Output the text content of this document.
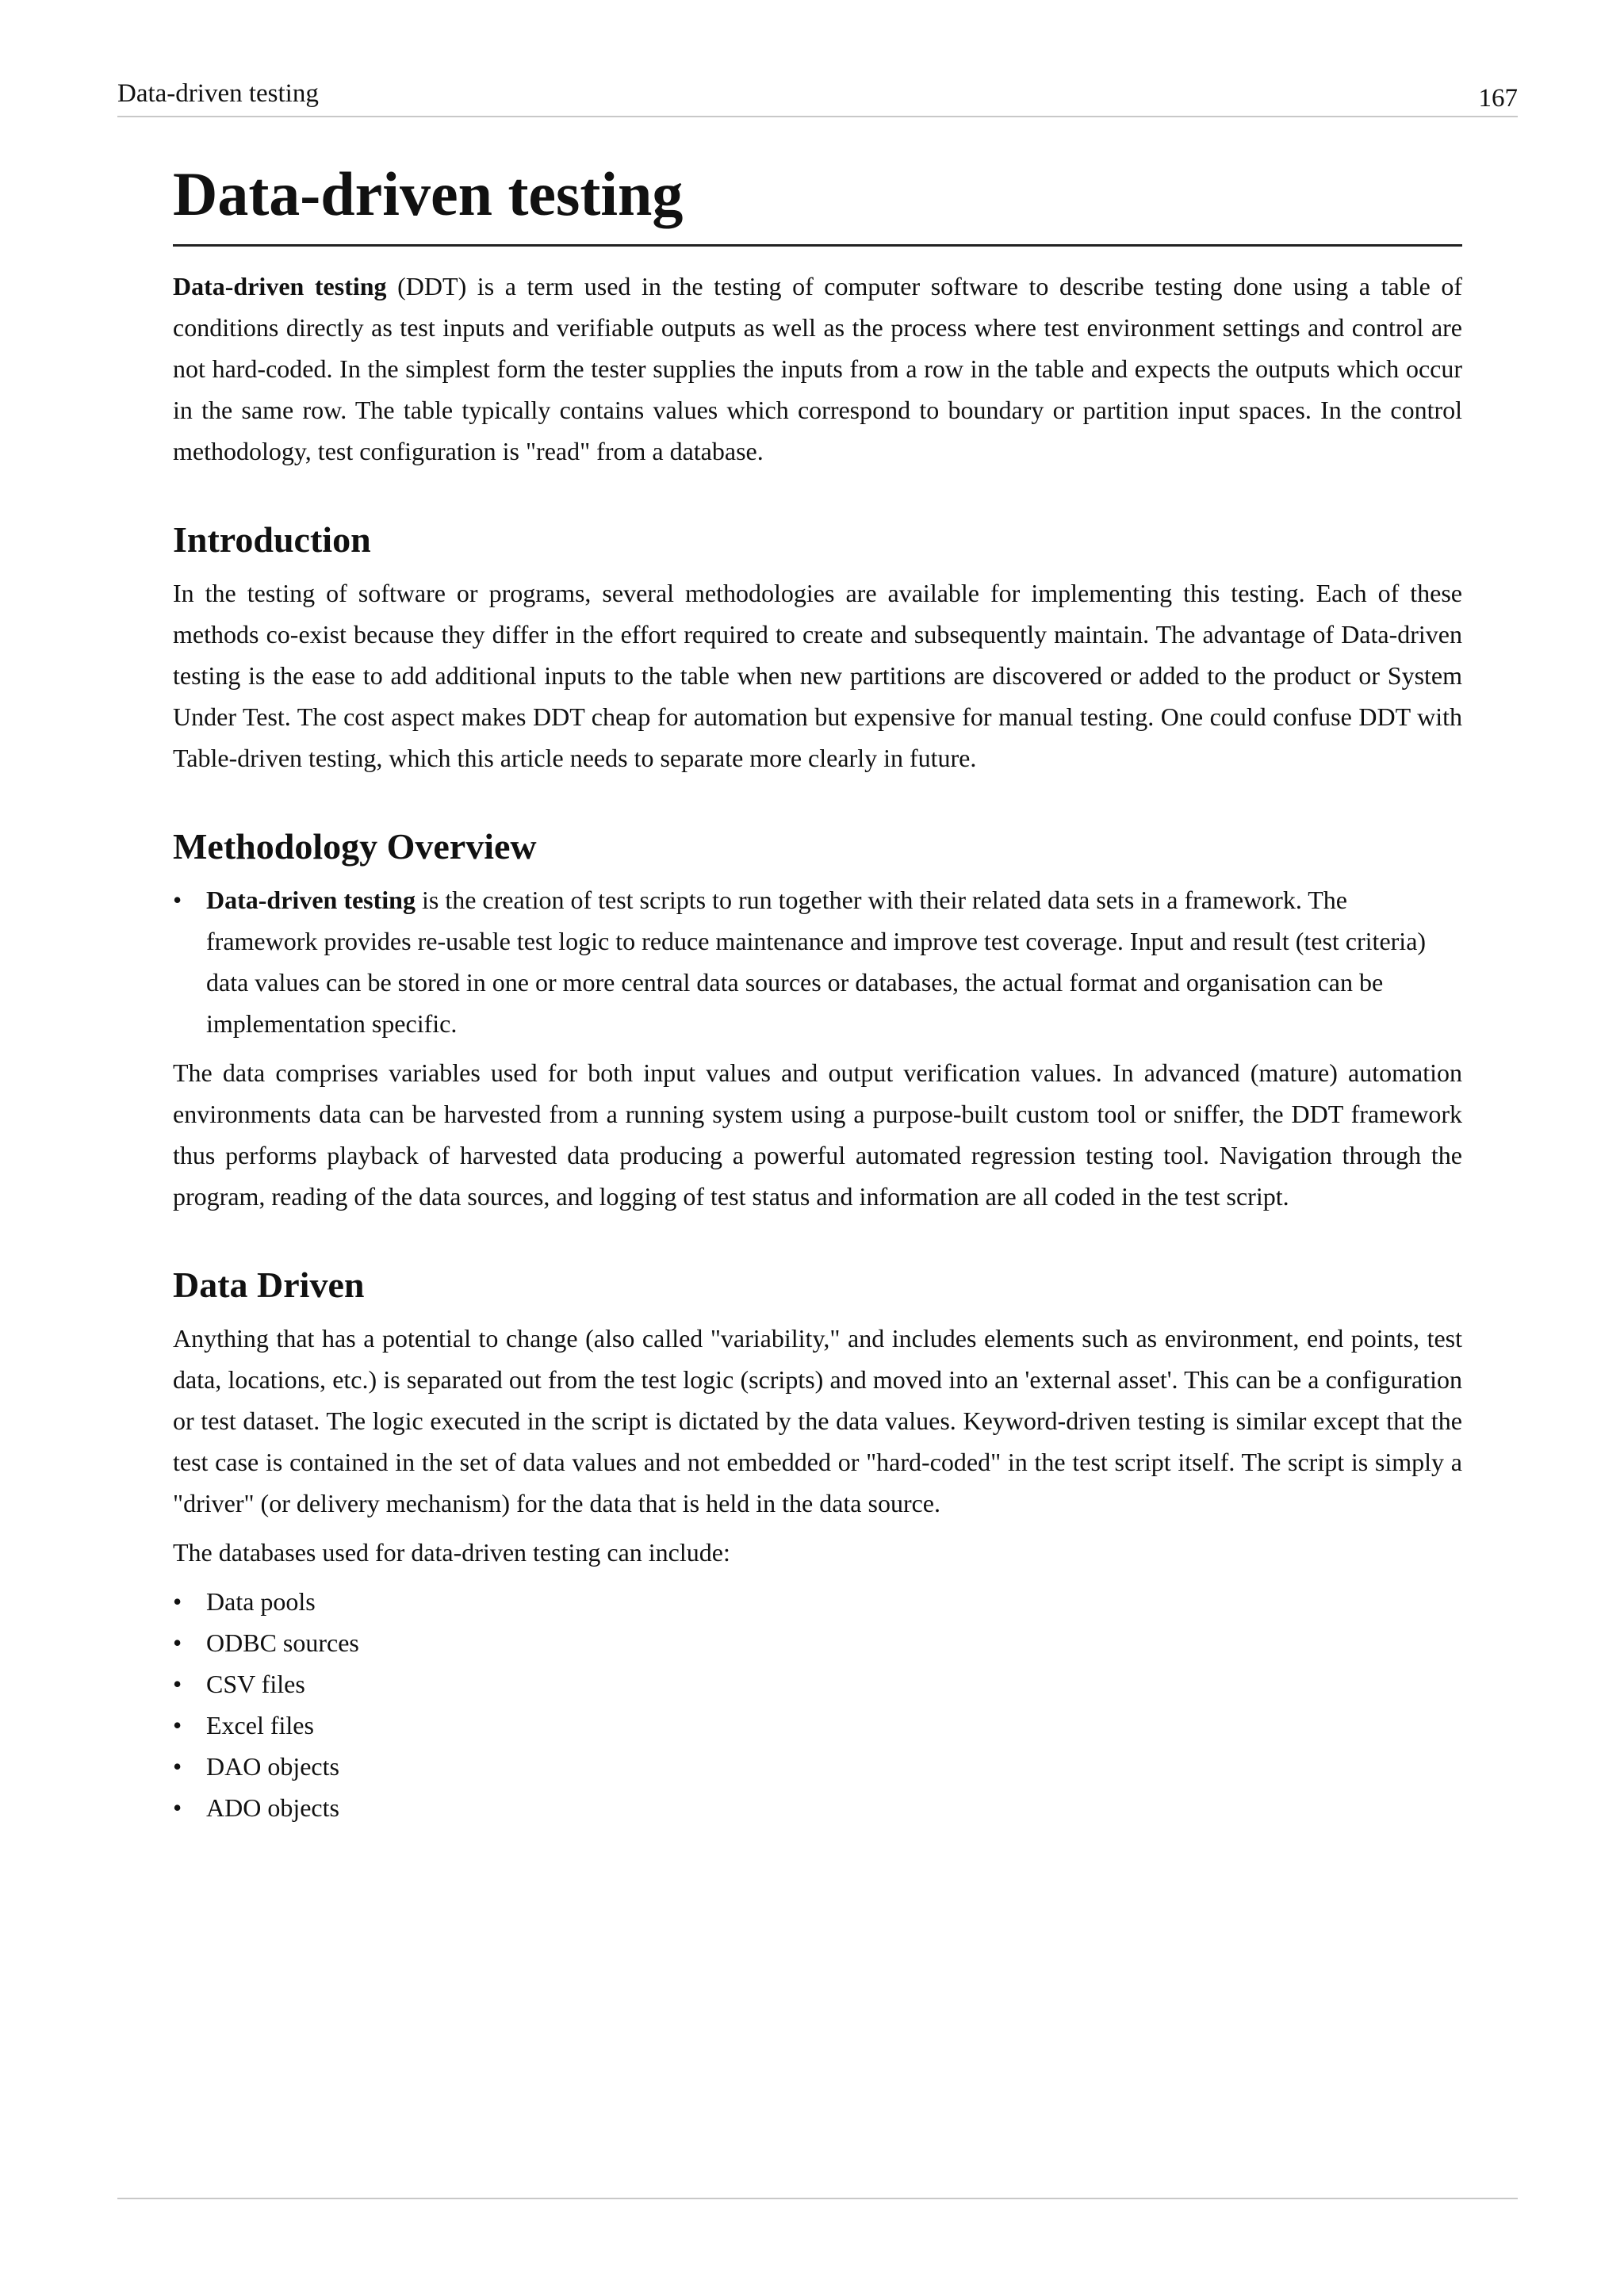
Data-driven testing	167
Data-driven testing

Data-driven testing (DDT) is a term used in the testing of computer software to describe testing done using a table of conditions directly as test inputs and verifiable outputs as well as the process where test environment settings and control are not hard-coded. In the simplest form the tester supplies the inputs from a row in the table and expects the outputs which occur in the same row. The table typically contains values which correspond to boundary or partition input spaces. In the control methodology, test configuration is "read" from a database.

Introduction

In the testing of software or programs, several methodologies are available for implementing this testing. Each of these methods co-exist because they differ in the effort required to create and subsequently maintain. The advantage of Data-driven testing is the ease to add additional inputs to the table when new partitions are discovered or added to the product or System Under Test. The cost aspect makes DDT cheap for automation but expensive for manual testing. One could confuse DDT with Table-driven testing, which this article needs to separate more clearly in future.

Methodology Overview
• Data-driven testing is the creation of test scripts to run together with their related data sets in a framework. The framework provides re-usable test logic to reduce maintenance and improve test coverage. Input and result (test criteria) data values can be stored in one or more central data sources or databases, the actual format and organisation can be implementation specific.

The data comprises variables used for both input values and output verification values. In advanced (mature) automation environments data can be harvested from a running system using a purpose-built custom tool or sniffer, the DDT framework thus performs playback of harvested data producing a powerful automated regression testing tool. Navigation through the program, reading of the data sources, and logging of test status and information are all coded in the test script.

Data Driven

Anything that has a potential to change (also called "variability," and includes elements such as environment, end points, test data, locations, etc.) is separated out from the test logic (scripts) and moved into an 'external asset'. This can be a configuration or test dataset. The logic executed in the script is dictated by the data values. Keyword-driven testing is similar except that the test case is contained in the set of data values and not embedded or "hard-coded" in the test script itself. The script is simply a "driver" (or delivery mechanism) for the data that is held in the data source.

The databases used for data-driven testing can include:

• Data pools
• ODBC sources
• CSV files
• Excel files
• DAO objects
• ADO objects
